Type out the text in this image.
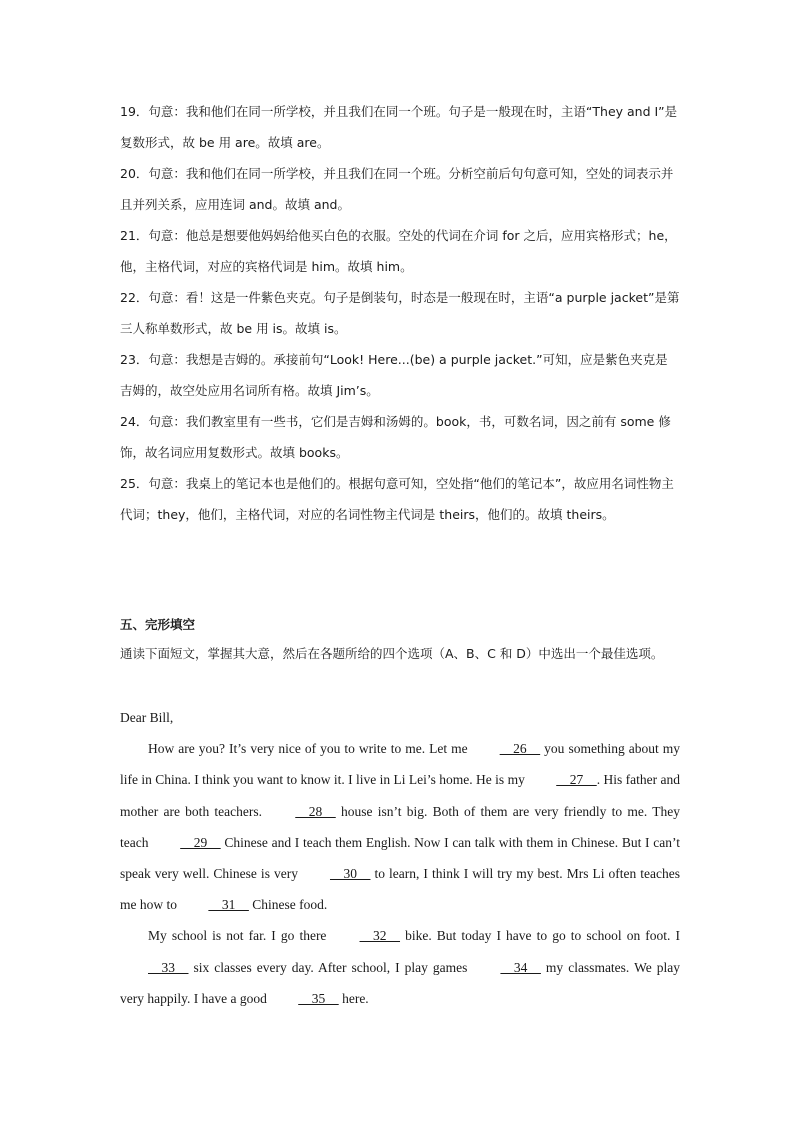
19．句意：我和他们在同一所学校，并且我们在同一个班。句子是一般现在时，主语“They and I”是复数形式，故 be 用 are。故填 are。

20．句意：我和他们在同一所学校，并且我们在同一个班。分析空前后句句意可知，空处的词表示并且并列关系，应用连词 and。故填 and。

21．句意：他总是想要他妈妈给他买白色的衣服。空处的代词在介词 for 之后，应用宾格形式；he，他，主格代词，对应的宾格代词是 him。故填 him。

22．句意：看！这是一件紫色夹克。句子是倒装句，时态是一般现在时，主语“a purple jacket”是第三人称单数形式，故 be 用 is。故填 is。

23．句意：我想是吉姆的。承接前句“Look! Here...(be) a purple jacket.”可知，应是紫色夹克是吉姆的，故空处应用名词所有格。故填 Jim’s。

24．句意：我们教室里有一些书，它们是吉姆和汤姆的。book，书，可数名词，因之前有 some 修饰，故名词应用复数形式。故填 books。

25．句意：我桌上的笔记本也是他们的。根据句意可知，空处指“他们的笔记本”，故应用名词性物主代词；they，他们，主格代词，对应的名词性物主代词是 theirs，他们的。故填 theirs。

五、完形填空

通读下面短文，掌握其大意，然后在各题所给的四个选项（A、B、C 和 D）中选出一个最佳选项。

Dear Bill,

How are you? It’s very nice of you to write to me. Let me     26     you something about my life in China. I think you want to know it. I live in Li Lei’s home. He is my     27    . His father and mother are both teachers.     28     house isn’t big. Both of them are very friendly to me. They teach     29     Chinese and I teach them English. Now I can talk with them in Chinese. But I can’t speak very well. Chinese is very     30     to learn, I think I will try my best. Mrs Li often teaches me how to     31     Chinese food.

My school is not far. I go there     32     bike. But today I have to go to school on foot. I     33     six classes every day. After school, I play games     34     my classmates. We play very happily. I have a good     35     here.
